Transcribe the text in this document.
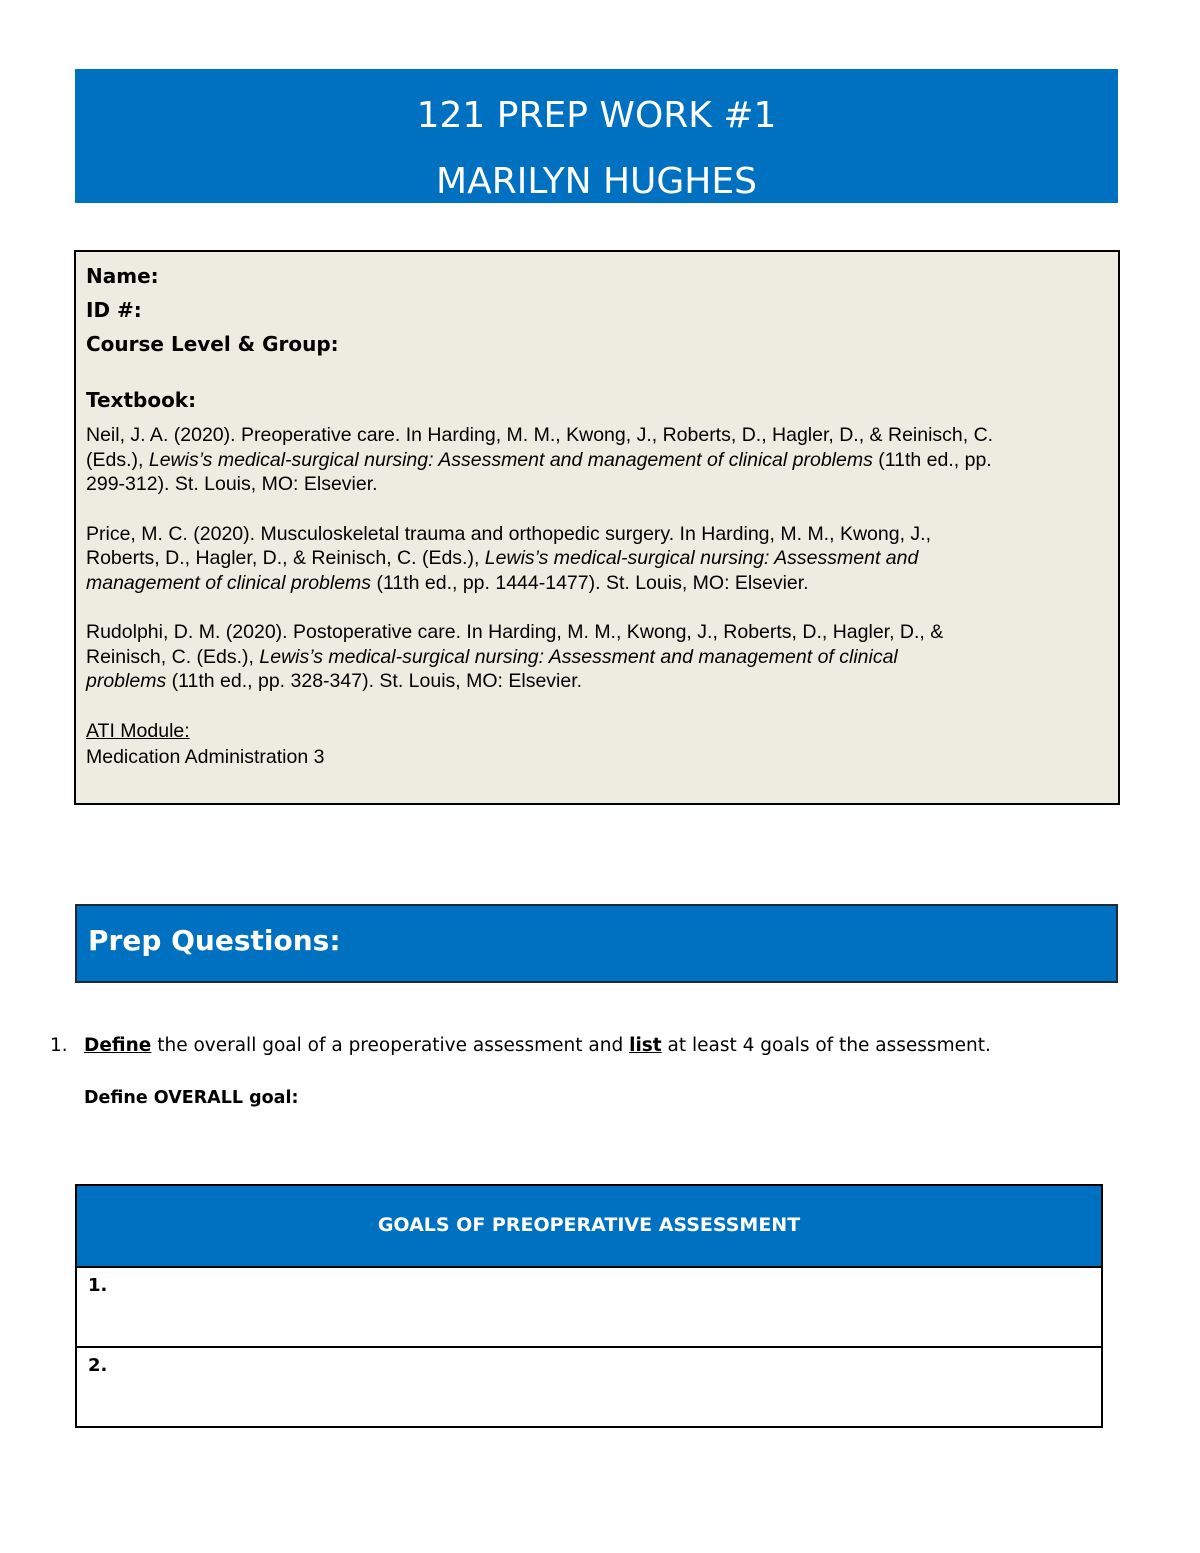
121 PREP WORK #1
MARILYN HUGHES
Name:
ID #:
Course Level & Group:
Textbook:
Neil, J. A. (2020). Preoperative care. In Harding, M. M., Kwong, J., Roberts, D., Hagler, D., & Reinisch, C.
(Eds.), Lewis’s medical-surgical nursing: Assessment and management of clinical problems (11th ed., pp.
299-312). St. Louis, MO: Elsevier.
Price, M. C. (2020). Musculoskeletal trauma and orthopedic surgery. In Harding, M. M., Kwong, J.,
Roberts, D., Hagler, D., & Reinisch, C. (Eds.), Lewis’s medical-surgical nursing: Assessment and
management of clinical problems (11th ed., pp. 1444-1477). St. Louis, MO: Elsevier.
Rudolphi, D. M. (2020). Postoperative care. In Harding, M. M., Kwong, J., Roberts, D., Hagler, D., &
Reinisch, C. (Eds.), Lewis’s medical-surgical nursing: Assessment and management of clinical
problems (11th ed., pp. 328-347). St. Louis, MO: Elsevier.
ATI Module:
Medication Administration 3
Prep Questions:
1. Define the overall goal of a preoperative assessment and list at least 4 goals of the assessment.
Define OVERALL goal:
GOALS OF PREOPERATIVE ASSESSMENT
1.
2.
